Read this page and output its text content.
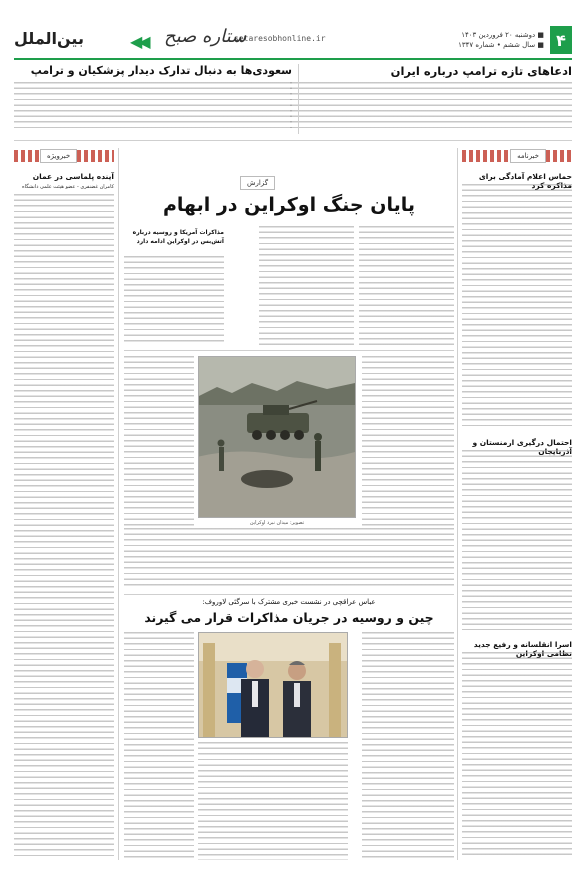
۴
■ دوشنبه ۲۰ فروردین ۱۴۰۳
■ سال ششم • شماره ۱۳۴۷
setaresobhonline.ir
ستاره صبح
◀◀
بین‌الملل
ادعاهای تازه ترامپ درباره ایران
سعودی‌ها به دنبال تدارک دیدار پزشکیان و ترامپ
خبرنامه
حماس اعلام آمادگی برای مذاکره کرد
احتمال درگیری ارمنستان و آذربایجان
اسرا انقلسانه و رفیع جدید نظامی اوکراین
خبرویژه
آینده پلماسی در عمان
کامران غضنفری - عضو هیئت علمی دانشگاه	گزارش
پایان جنگ اوکراین در ابهام
مذاکرات آمریکا و روسیه درباره آتش‌بس در اوکراین ادامه دارد
تصویر: میدان نبرد اوکراین
عباس عراقچی در نشست خبری مشترک با سرگئی لاوروف:
چین و روسیه در جریان مذاکرات قرار می گیرند
